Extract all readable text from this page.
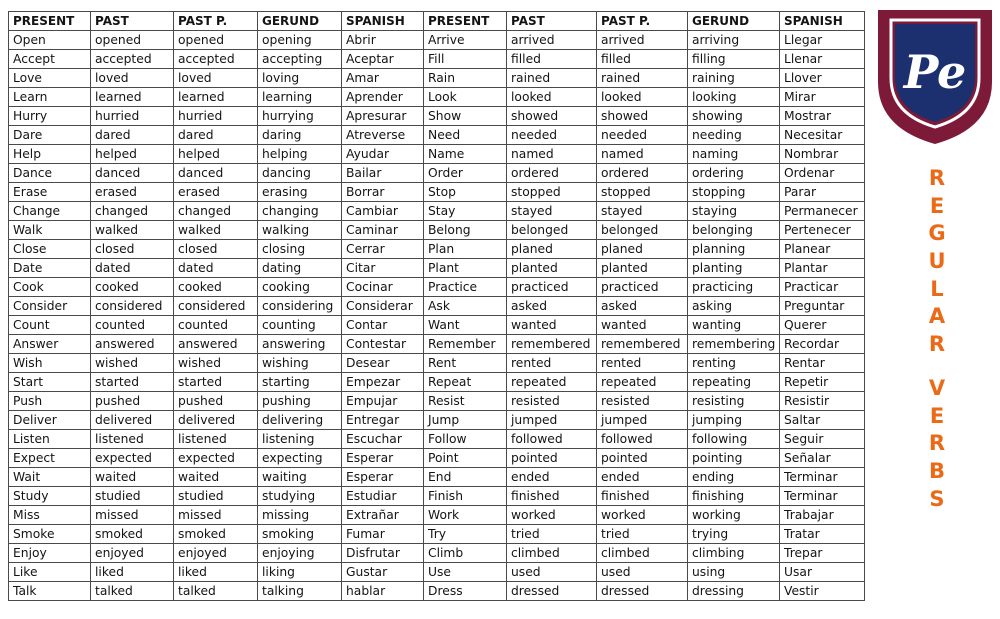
PRESENT	PAST	PAST P.	GERUND	SPANISH	PRESENT	PAST	PAST P.	GERUND	SPANISH
Open	opened	opened	opening	Abrir	Arrive	arrived	arrived	arriving	Llegar
Accept	accepted	accepted	accepting	Aceptar	Fill	filled	filled	filling	Llenar
Love	loved	loved	loving	Amar	Rain	rained	rained	raining	Llover
Learn	learned	learned	learning	Aprender	Look	looked	looked	looking	Mirar
Hurry	hurried	hurried	hurrying	Apresurar	Show	showed	showed	showing	Mostrar
Dare	dared	dared	daring	Atreverse	Need	needed	needed	needing	Necesitar
Help	helped	helped	helping	Ayudar	Name	named	named	naming	Nombrar
Dance	danced	danced	dancing	Bailar	Order	ordered	ordered	ordering	Ordenar
Erase	erased	erased	erasing	Borrar	Stop	stopped	stopped	stopping	Parar
Change	changed	changed	changing	Cambiar	Stay	stayed	stayed	staying	Permanecer
Walk	walked	walked	walking	Caminar	Belong	belonged	belonged	belonging	Pertenecer
Close	closed	closed	closing	Cerrar	Plan	planed	planed	planning	Planear
Date	dated	dated	dating	Citar	Plant	planted	planted	planting	Plantar
Cook	cooked	cooked	cooking	Cocinar	Practice	practiced	practiced	practicing	Practicar
Consider	considered	considered	considering	Considerar	Ask	asked	asked	asking	Preguntar
Count	counted	counted	counting	Contar	Want	wanted	wanted	wanting	Querer
Answer	answered	answered	answering	Contestar	Remember	remembered	remembered	remembering	Recordar
Wish	wished	wished	wishing	Desear	Rent	rented	rented	renting	Rentar
Start	started	started	starting	Empezar	Repeat	repeated	repeated	repeating	Repetir
Push	pushed	pushed	pushing	Empujar	Resist	resisted	resisted	resisting	Resistir
Deliver	delivered	delivered	delivering	Entregar	Jump	jumped	jumped	jumping	Saltar
Listen	listened	listened	listening	Escuchar	Follow	followed	followed	following	Seguir
Expect	expected	expected	expecting	Esperar	Point	pointed	pointed	pointing	Señalar
Wait	waited	waited	waiting	Esperar	End	ended	ended	ending	Terminar
Study	studied	studied	studying	Estudiar	Finish	finished	finished	finishing	Terminar
Miss	missed	missed	missing	Extrañar	Work	worked	worked	working	Trabajar
Smoke	smoked	smoked	smoking	Fumar	Try	tried	tried	trying	Tratar
Enjoy	enjoyed	enjoyed	enjoying	Disfrutar	Climb	climbed	climbed	climbing	Trepar
Like	liked	liked	liking	Gustar	Use	used	used	using	Usar
Talk	talked	talked	talking	hablar	Dress	dressed	dressed	dressing	Vestir
Pe
R
E
G
U
L
A
R
V
E
R
B
S
